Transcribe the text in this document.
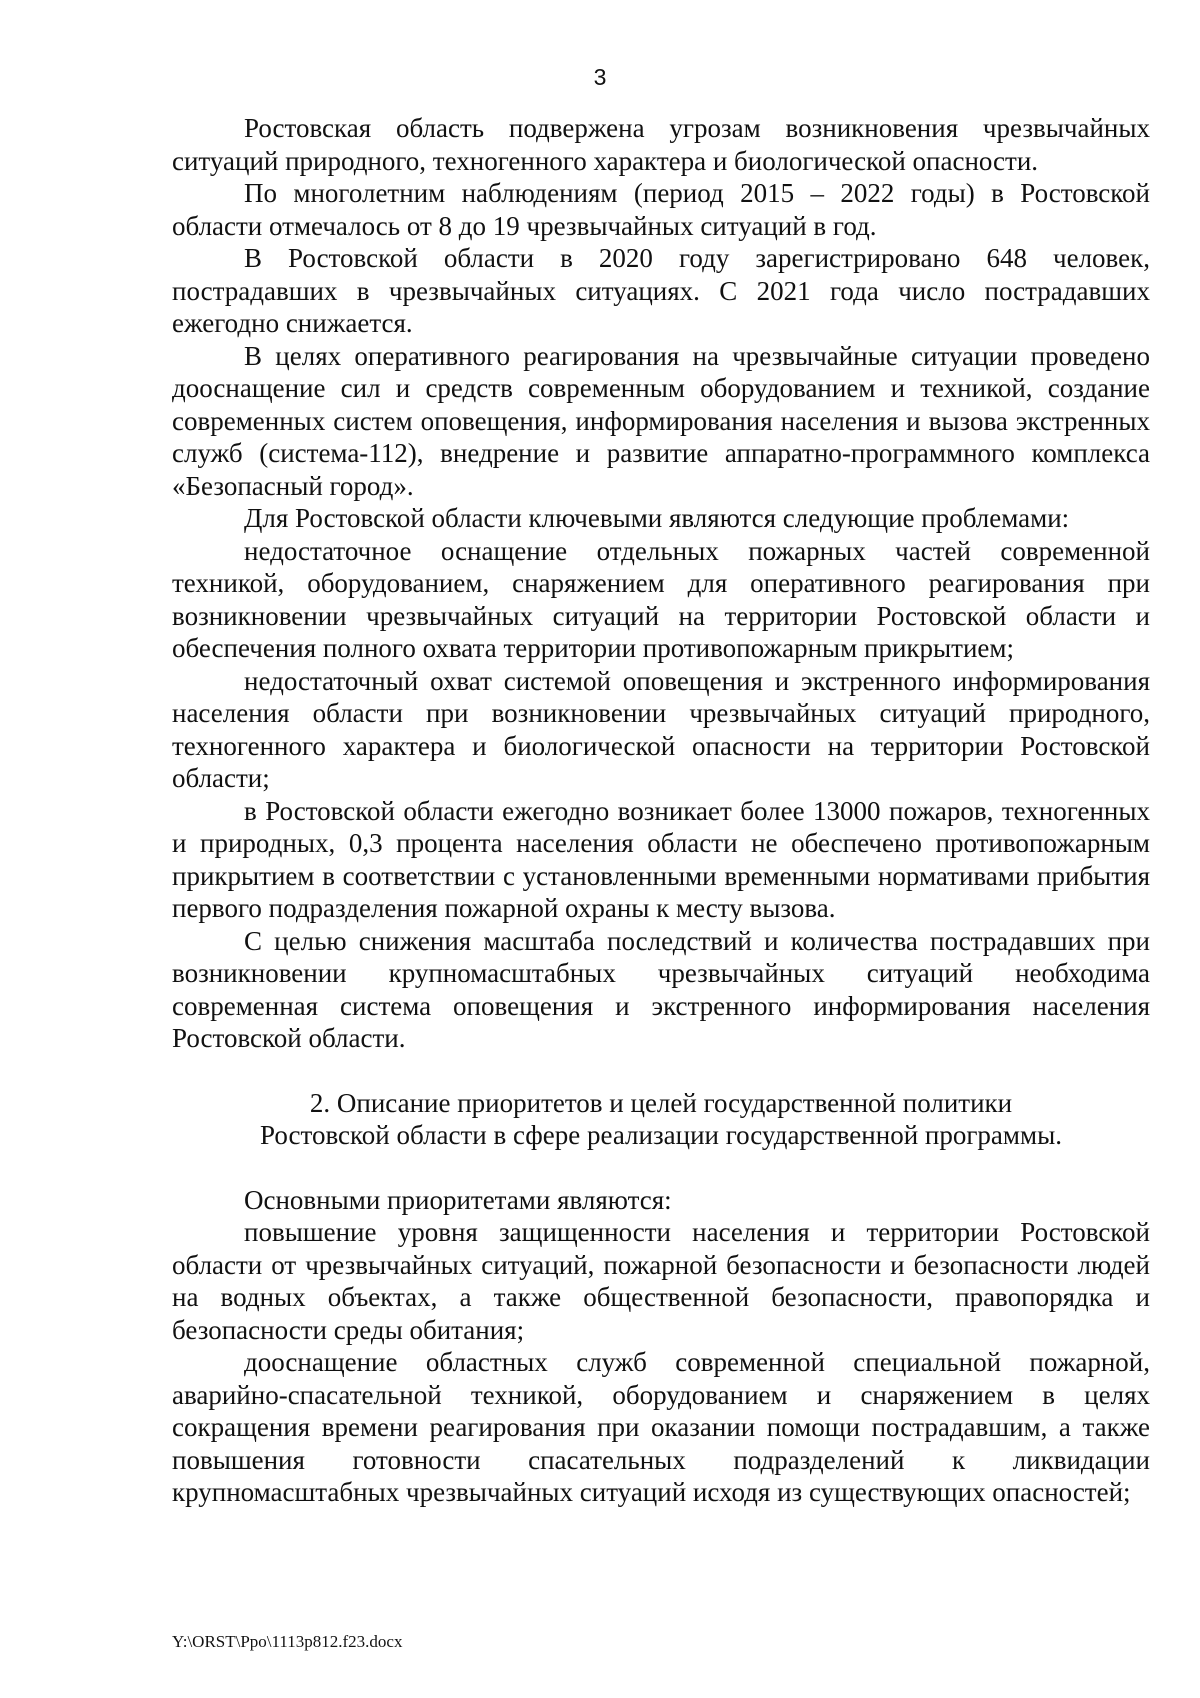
3

Ростовская область подвержена угрозам возникновения чрезвычайных ситуаций природного, техногенного характера и биологической опасности.

По многолетним наблюдениям (период 2015 – 2022 годы) в Ростовской области отмечалось от 8 до 19 чрезвычайных ситуаций в год.

В Ростовской области в 2020 году зарегистрировано 648 человек, пострадавших в чрезвычайных ситуациях. С 2021 года число пострадавших ежегодно снижается.

В целях оперативного реагирования на чрезвычайные ситуации проведено дооснащение сил и средств современным оборудованием и техникой, создание современных систем оповещения, информирования населения и вызова экстренных служб (система-112), внедрение и развитие аппаратно-программного комплекса «Безопасный город».

Для Ростовской области ключевыми являются следующие проблемами:

недостаточное оснащение отдельных пожарных частей современной техникой, оборудованием, снаряжением для оперативного реагирования при возникновении чрезвычайных ситуаций на территории Ростовской области и обеспечения полного охвата территории противопожарным прикрытием;

недостаточный охват системой оповещения и экстренного информирования населения области при возникновении чрезвычайных ситуаций природного, техногенного характера и биологической опасности на территории Ростовской области;

в Ростовской области ежегодно возникает более 13000 пожаров, техногенных и природных, 0,3 процента населения области не обеспечено противопожарным прикрытием в соответствии с установленными временными нормативами прибытия первого подразделения пожарной охраны к месту вызова.

С целью снижения масштаба последствий и количества пострадавших при возникновении крупномасштабных чрезвычайных ситуаций необходима современная система оповещения и экстренного информирования населения Ростовской области.

2. Описание приоритетов и целей государственной политики

Ростовской области в сфере реализации государственной программы.

Основными приоритетами являются:

повышение уровня защищенности населения и территории Ростовской области от чрезвычайных ситуаций, пожарной безопасности и безопасности людей на водных объектах, а также общественной безопасности, правопорядка и безопасности среды обитания;

дооснащение областных служб современной специальной пожарной, аварийно-спасательной техникой, оборудованием и снаряжением в целях сокращения времени реагирования при оказании помощи пострадавшим, а также повышения готовности спасательных подразделений к ликвидации крупномасштабных чрезвычайных ситуаций исходя из существующих опасностей;

Y:\ORST\Ppo\1113p812.f23.docx
